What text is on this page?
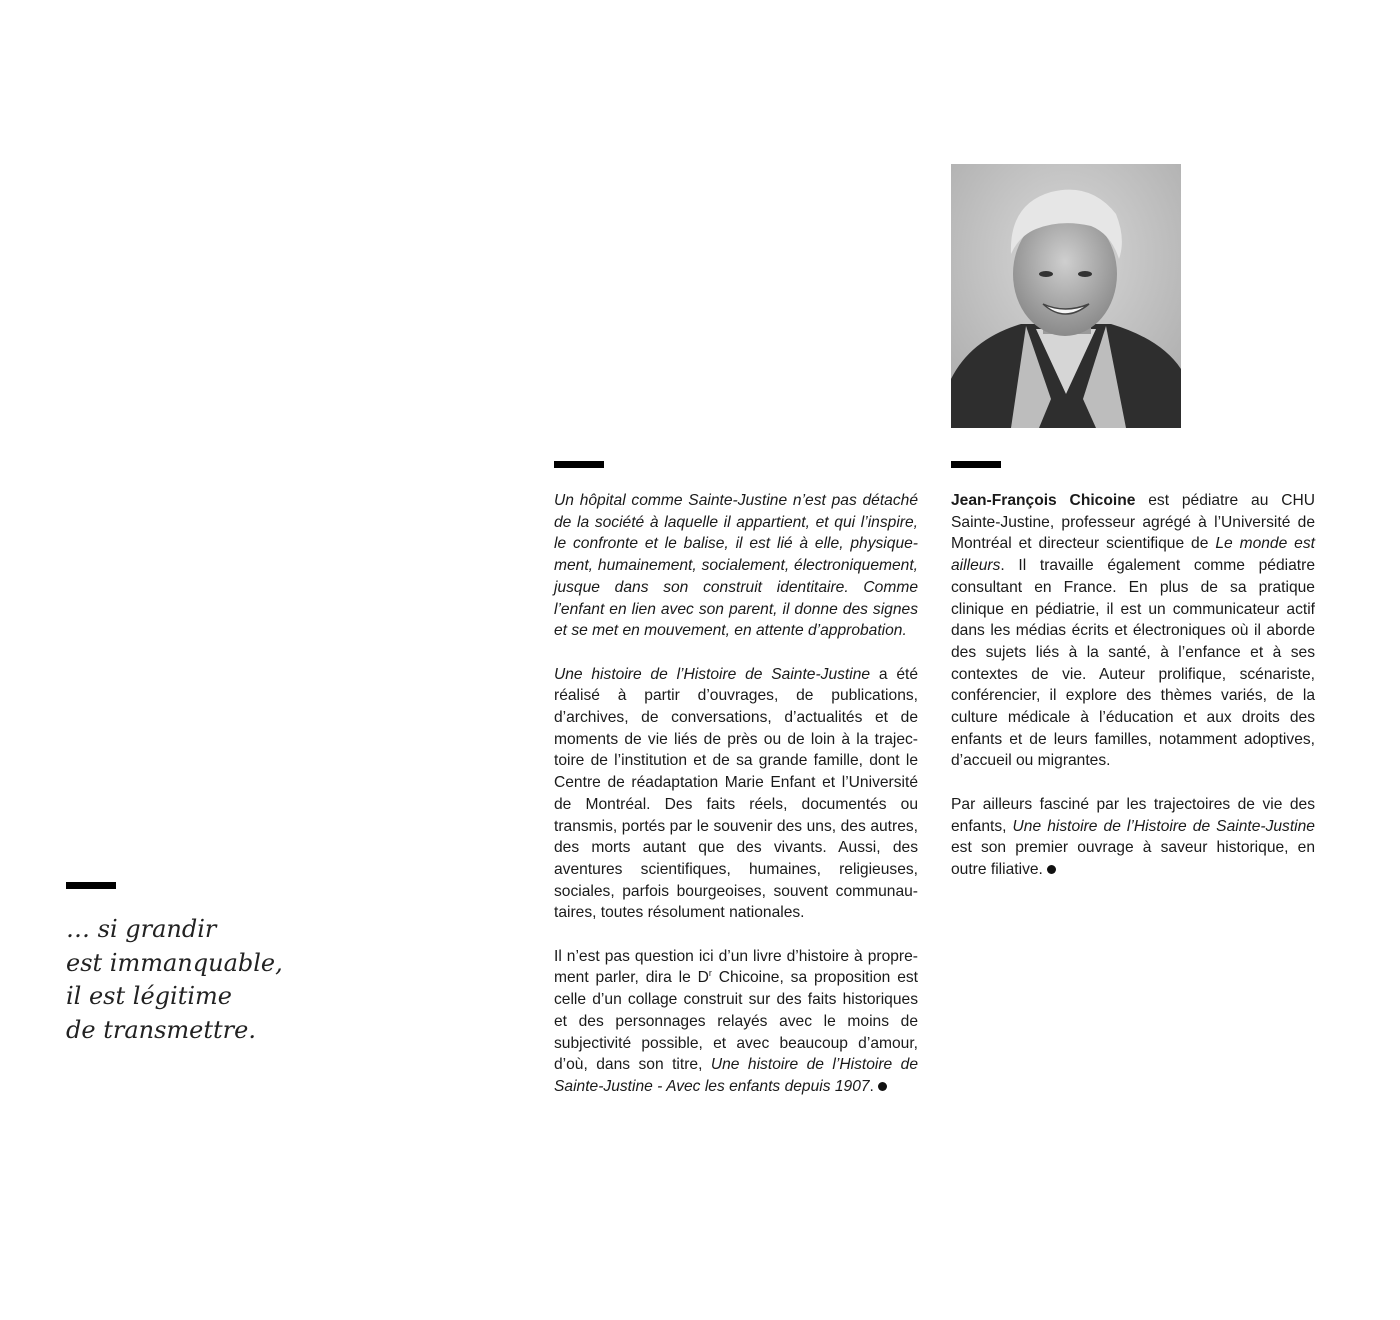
… si grandir
est immanquable,
il est légitime
de transmettre.

Un hôpital comme Sainte-Justine n’est pas détaché de la société à laquelle il appartient, et qui l’inspire, le confronte et le balise, il est lié à elle, physiquement, humainement, socialement, électroniquement, jusque dans son construit identitaire. Comme l’enfant en lien avec son parent, il donne des signes et se met en mouvement, en attente d’approbation.

Une histoire de l’Histoire de Sainte-Justine a été réalisé à partir d’ouvrages, de publications, d’archives, de conversations, d’actualités et de moments de vie liés de près ou de loin à la trajectoire de l’institution et de sa grande famille, dont le Centre de réadaptation Marie Enfant et l’Université de Montréal. Des faits réels, documentés ou transmis, portés par le souvenir des uns, des autres, des morts autant que des vivants. Aussi, des aventures scientifiques, humaines, religieuses, sociales, parfois bourgeoises, souvent communautaires, toutes résolument nationales.

Il n’est pas question ici d’un livre d’histoire à proprement parler, dira le $D^r$ Chicoine, sa proposition est celle d’un collage construit sur des faits historiques et des personnages relayés avec le moins de subjectivité possible, et avec beaucoup d’amour, d’où, dans son titre, Une histoire de l’Histoire de Sainte-Justine - Avec les enfants depuis 1907.

Jean-François Chicoine est pédiatre au CHU Sainte-Justine, professeur agrégé à l’Université de Montréal et directeur scientifique de Le monde est ailleurs. Il travaille également comme pédiatre consultant en France. En plus de sa pratique clinique en pédiatrie, il est un communicateur actif dans les médias écrits et électroniques où il aborde des sujets liés à la santé, à l’enfance et à ses contextes de vie. Auteur prolifique, scénariste, conférencier, il explore des thèmes variés, de la culture médicale à l’éducation et aux droits des enfants et de leurs familles, notamment adoptives, d’accueil ou migrantes.

Par ailleurs fasciné par les trajectoires de vie des enfants, Une histoire de l’Histoire de Sainte-Justine est son premier ouvrage à saveur historique, en outre filiative.
